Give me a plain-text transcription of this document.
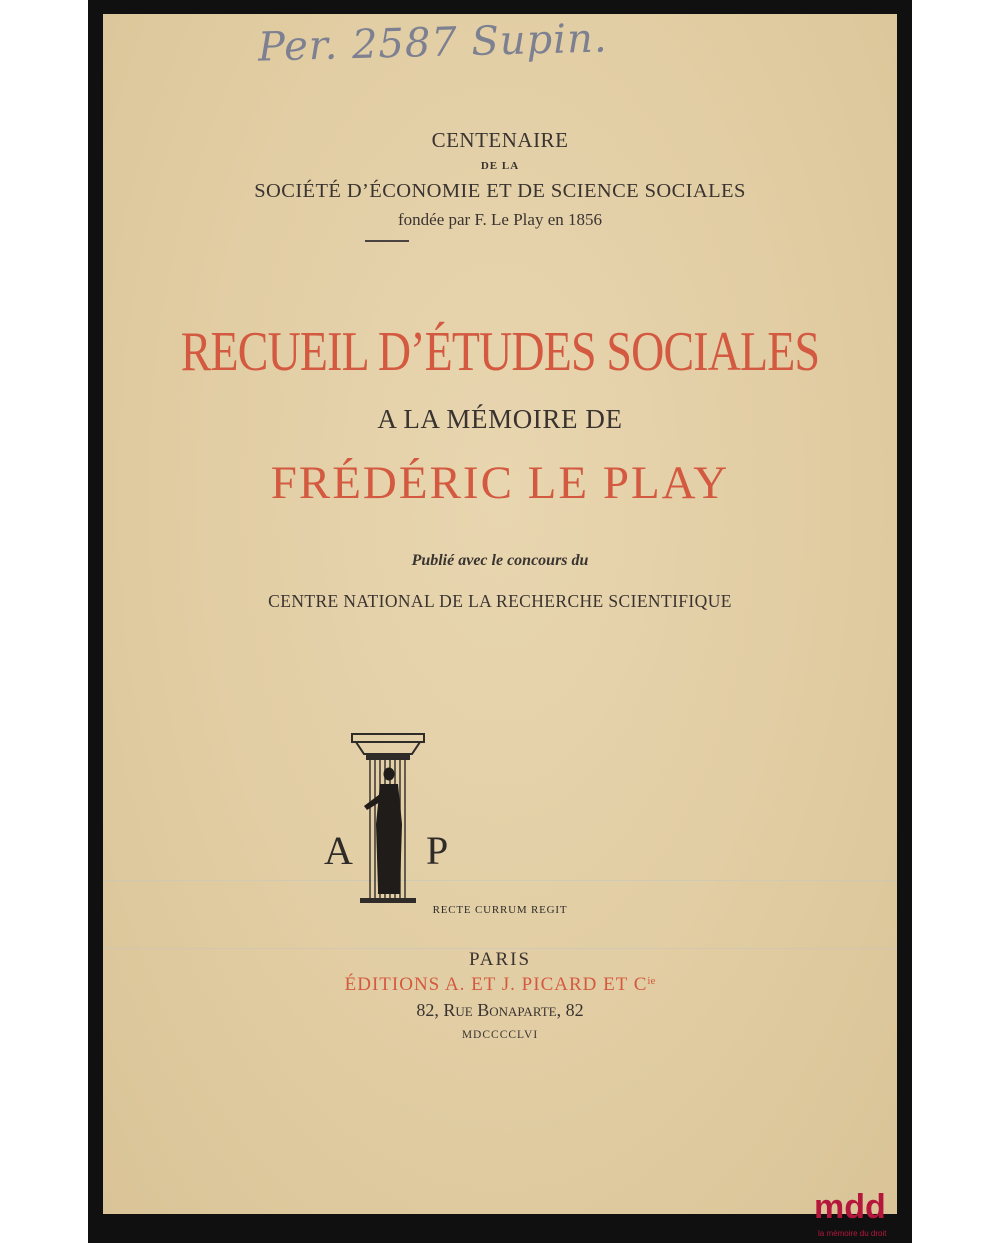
Per. 2587 Supin.
CENTENAIRE
DE LA
SOCIÉTÉ D’ÉCONOMIE ET DE SCIENCE SOCIALES
fondée par F. Le Play en 1856
RECUEIL D’ÉTUDES SOCIALES
A LA MÉMOIRE DE
FRÉDÉRIC LE PLAY
Publié avec le concours du
CENTRE NATIONAL DE LA RECHERCHE SCIENTIFIQUE
A P
RECTE CURRUM REGIT
PARIS
ÉDITIONS A. ET J. PICARD ET $C^{ie}$
82, Rue Bonaparte, 82
MDCCCCLVI
mdd
la mémoire du droit
